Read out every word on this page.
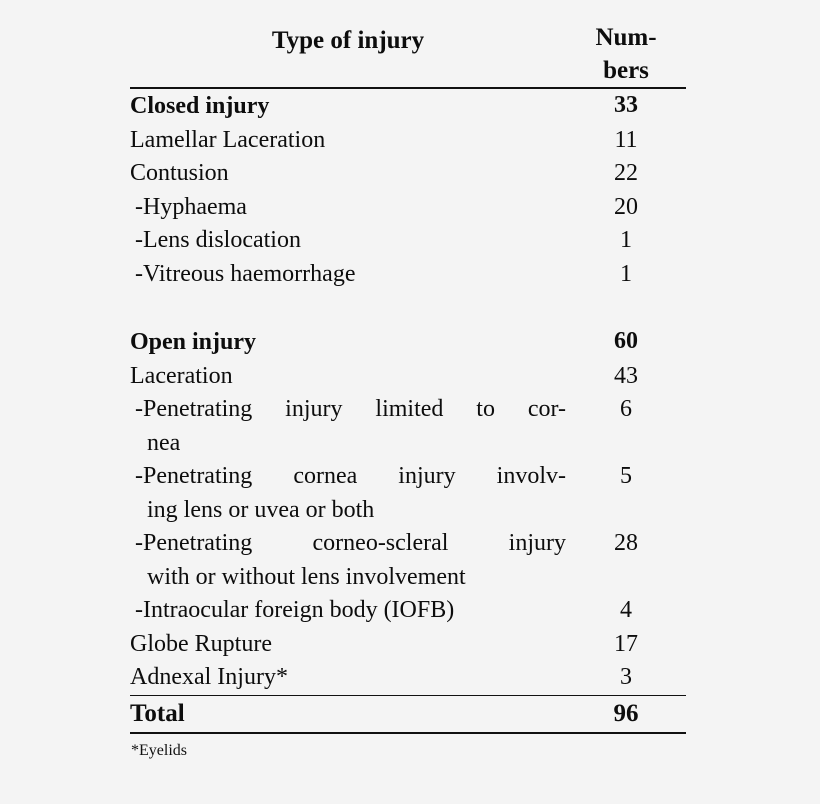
Type of injury	Num-
bers

Closed injury	33
Lamellar Laceration	11
Contusion	22
-Hyphaema	20
-Lens dislocation	1
-Vitreous haemorrhage	1

Open injury	60
Laceration	43

-Penetrating injury limited to cor-
nea	6

-Penetrating cornea injury involv-
ing lens or uvea or both	5

-Penetrating corneo-scleral injury
with or without lens involvement	28
-Intraocular foreign body (IOFB)	4
Globe Rupture	17
Adnexal Injury*	3

Total	96

*Eyelids
